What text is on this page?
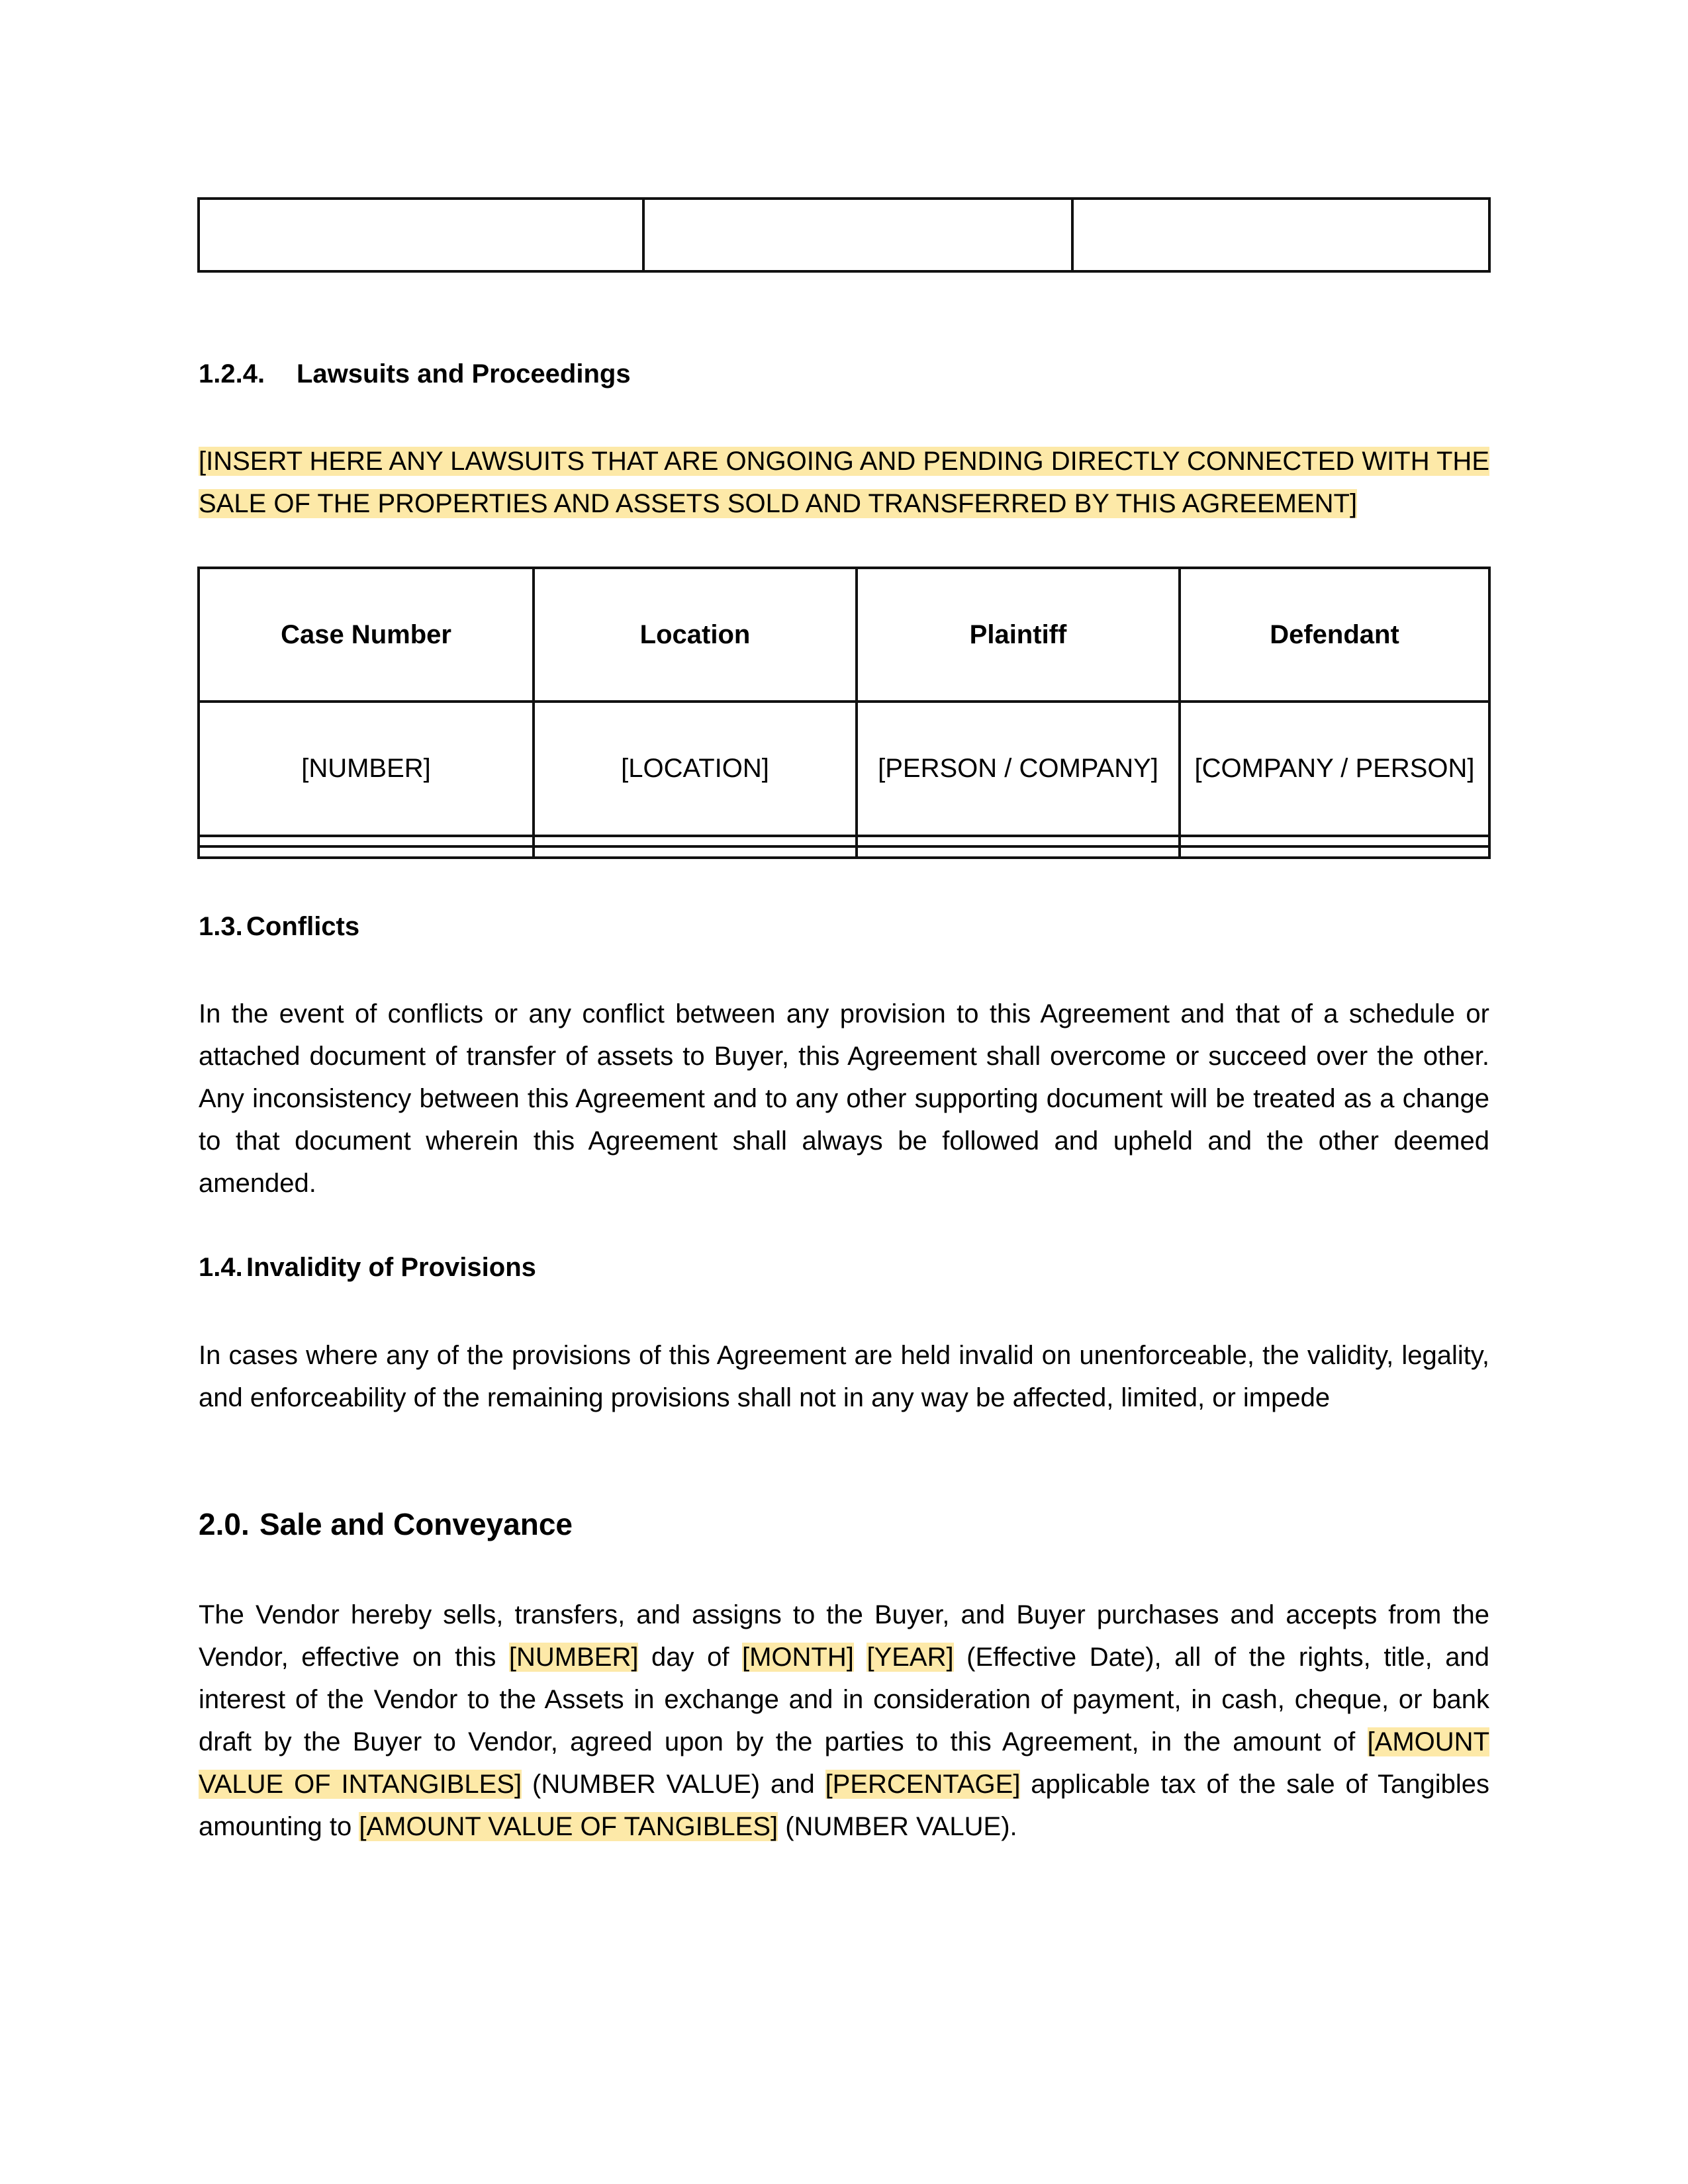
1.2.4. Lawsuits and Proceedings
[INSERT HERE ANY LAWSUITS THAT ARE ONGOING AND PENDING DIRECTLY CONNECTED WITH THE SALE OF THE PROPERTIES AND ASSETS SOLD AND TRANSFERRED BY THIS AGREEMENT]
Case Number	Location	Plaintiff	Defendant
[NUMBER]	[LOCATION]	[PERSON / COMPANY]	[COMPANY / PERSON]

1.3. Conflicts
In the event of conflicts or any conflict between any provision to this Agreement and that of a schedule or attached document of transfer of assets to Buyer, this Agreement shall overcome or succeed over the other. Any inconsistency between this Agreement and to any other supporting document will be treated as a change to that document wherein this Agreement shall always be followed and upheld and the other deemed amended.
1.4. Invalidity of Provisions
In cases where any of the provisions of this Agreement are held invalid on unenforceable, the validity, legality, and enforceability of the remaining provisions shall not in any way be affected, limited, or impede
2.0. Sale and Conveyance
The Vendor hereby sells, transfers, and assigns to the Buyer, and Buyer purchases and accepts from the Vendor, effective on this [NUMBER] day of [MONTH] [YEAR] (Effective Date), all of the rights, title, and interest of the Vendor to the Assets in exchange and in consideration of payment, in cash, cheque, or bank draft by the Buyer to Vendor, agreed upon by the parties to this Agreement, in the amount of [AMOUNT VALUE OF INTANGIBLES] (NUMBER VALUE) and [PERCENTAGE] applicable tax of the sale of Tangibles amounting to [AMOUNT VALUE OF TANGIBLES] (NUMBER VALUE).
